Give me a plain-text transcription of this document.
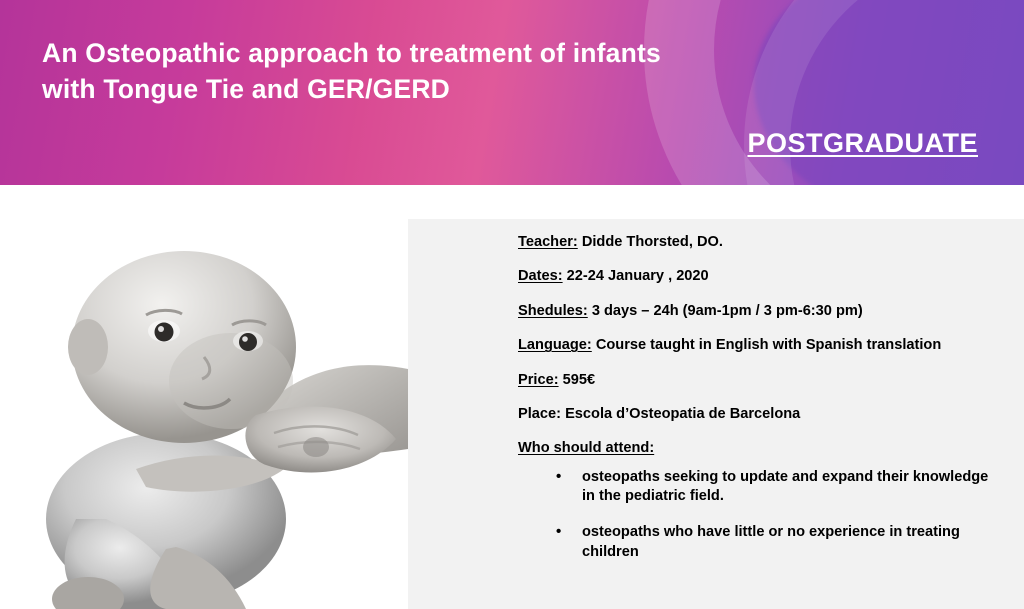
An Osteopathic approach to treatment of infants
with Tongue Tie and GER/GERD
POSTGRADUATE

Teacher: Didde Thorsted, DO.

Dates: 22-24 January , 2020

Shedules: 3 days – 24h (9am-1pm / 3 pm-6:30 pm)

Language: Course taught in English with Spanish translation

Price: 595€

Place: Escola d’Osteopatia de Barcelona

Who should attend:

• osteopaths seeking to update and expand their knowledge in the pediatric field.
• osteopaths who have little or no experience in treating children
